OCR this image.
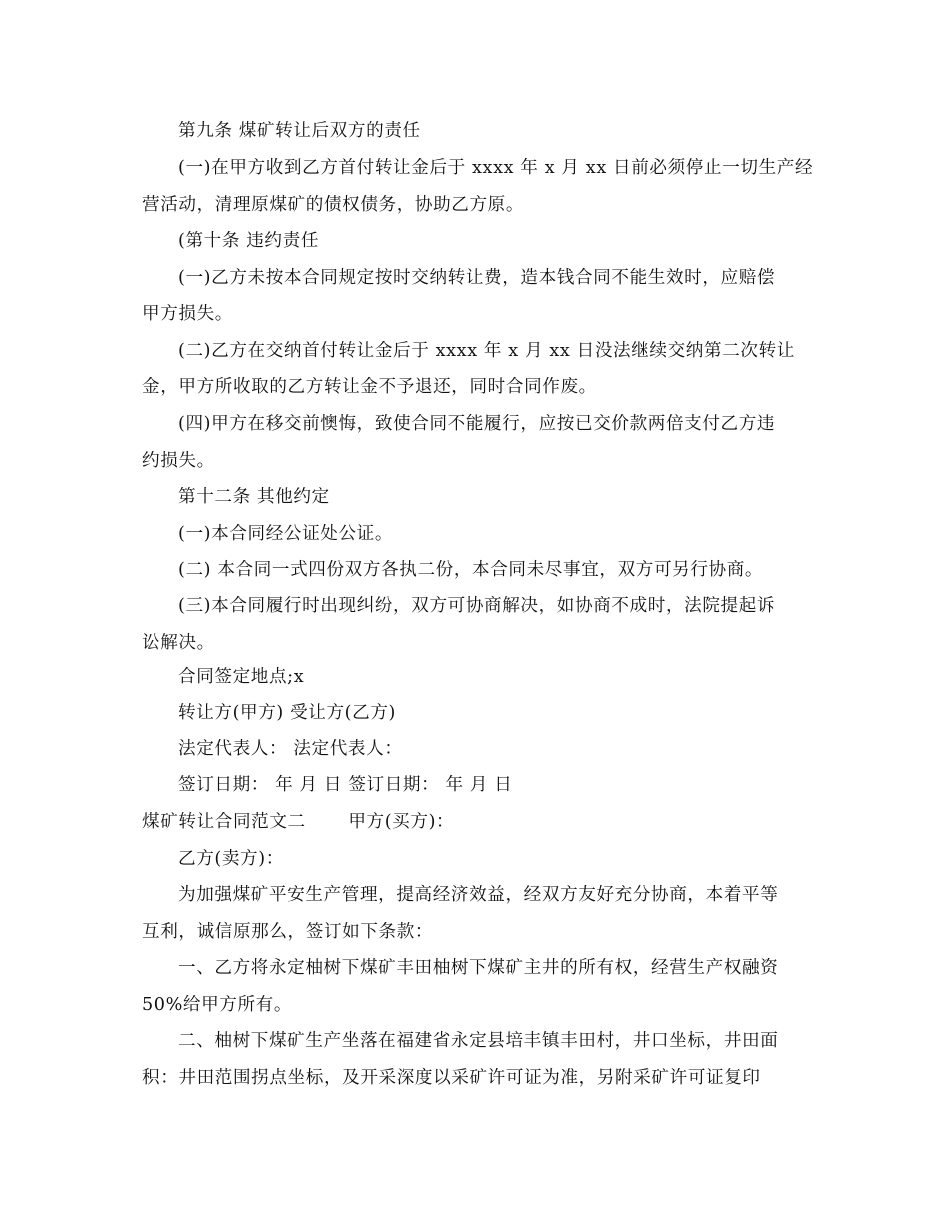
第九条 煤矿转让后双方的责任
(一)在甲方收到乙方首付转让金后于 xxxx 年 x 月 xx 日前必须停止一切生产经
营活动，清理原煤矿的债权债务，协助乙方原。
(第十条 违约责任
(一)乙方未按本合同规定按时交纳转让费，造本钱合同不能生效时，应赔偿
甲方损失。
(二)乙方在交纳首付转让金后于 xxxx 年 x 月 xx 日没法继续交纳第二次转让
金，甲方所收取的乙方转让金不予退还，同时合同作废。
(四)甲方在移交前懊悔，致使合同不能履行，应按已交价款两倍支付乙方违
约损失。
第十二条 其他约定
(一)本合同经公证处公证。
(二) 本合同一式四份双方各执二份，本合同未尽事宜，双方可另行协商。
(三)本合同履行时出现纠纷，双方可协商解决，如协商不成时，法院提起诉
讼解决。
合同签定地点;x
转让方(甲方) 受让方(乙方)
法定代表人： 法定代表人：
签订日期： 年 月 日 签订日期： 年 月 日
煤矿转让合同范文二　　 甲方(买方)：
乙方(卖方)：
为加强煤矿平安生产管理，提高经济效益，经双方友好充分协商，本着平等
互利，诚信原那么，签订如下条款：
一、乙方将永定柚树下煤矿丰田柚树下煤矿主井的所有权，经营生产权融资
50%给甲方所有。
二、柚树下煤矿生产坐落在福建省永定县培丰镇丰田村，井口坐标，井田面
积：井田范围拐点坐标，及开采深度以采矿许可证为准，另附采矿许可证复印
